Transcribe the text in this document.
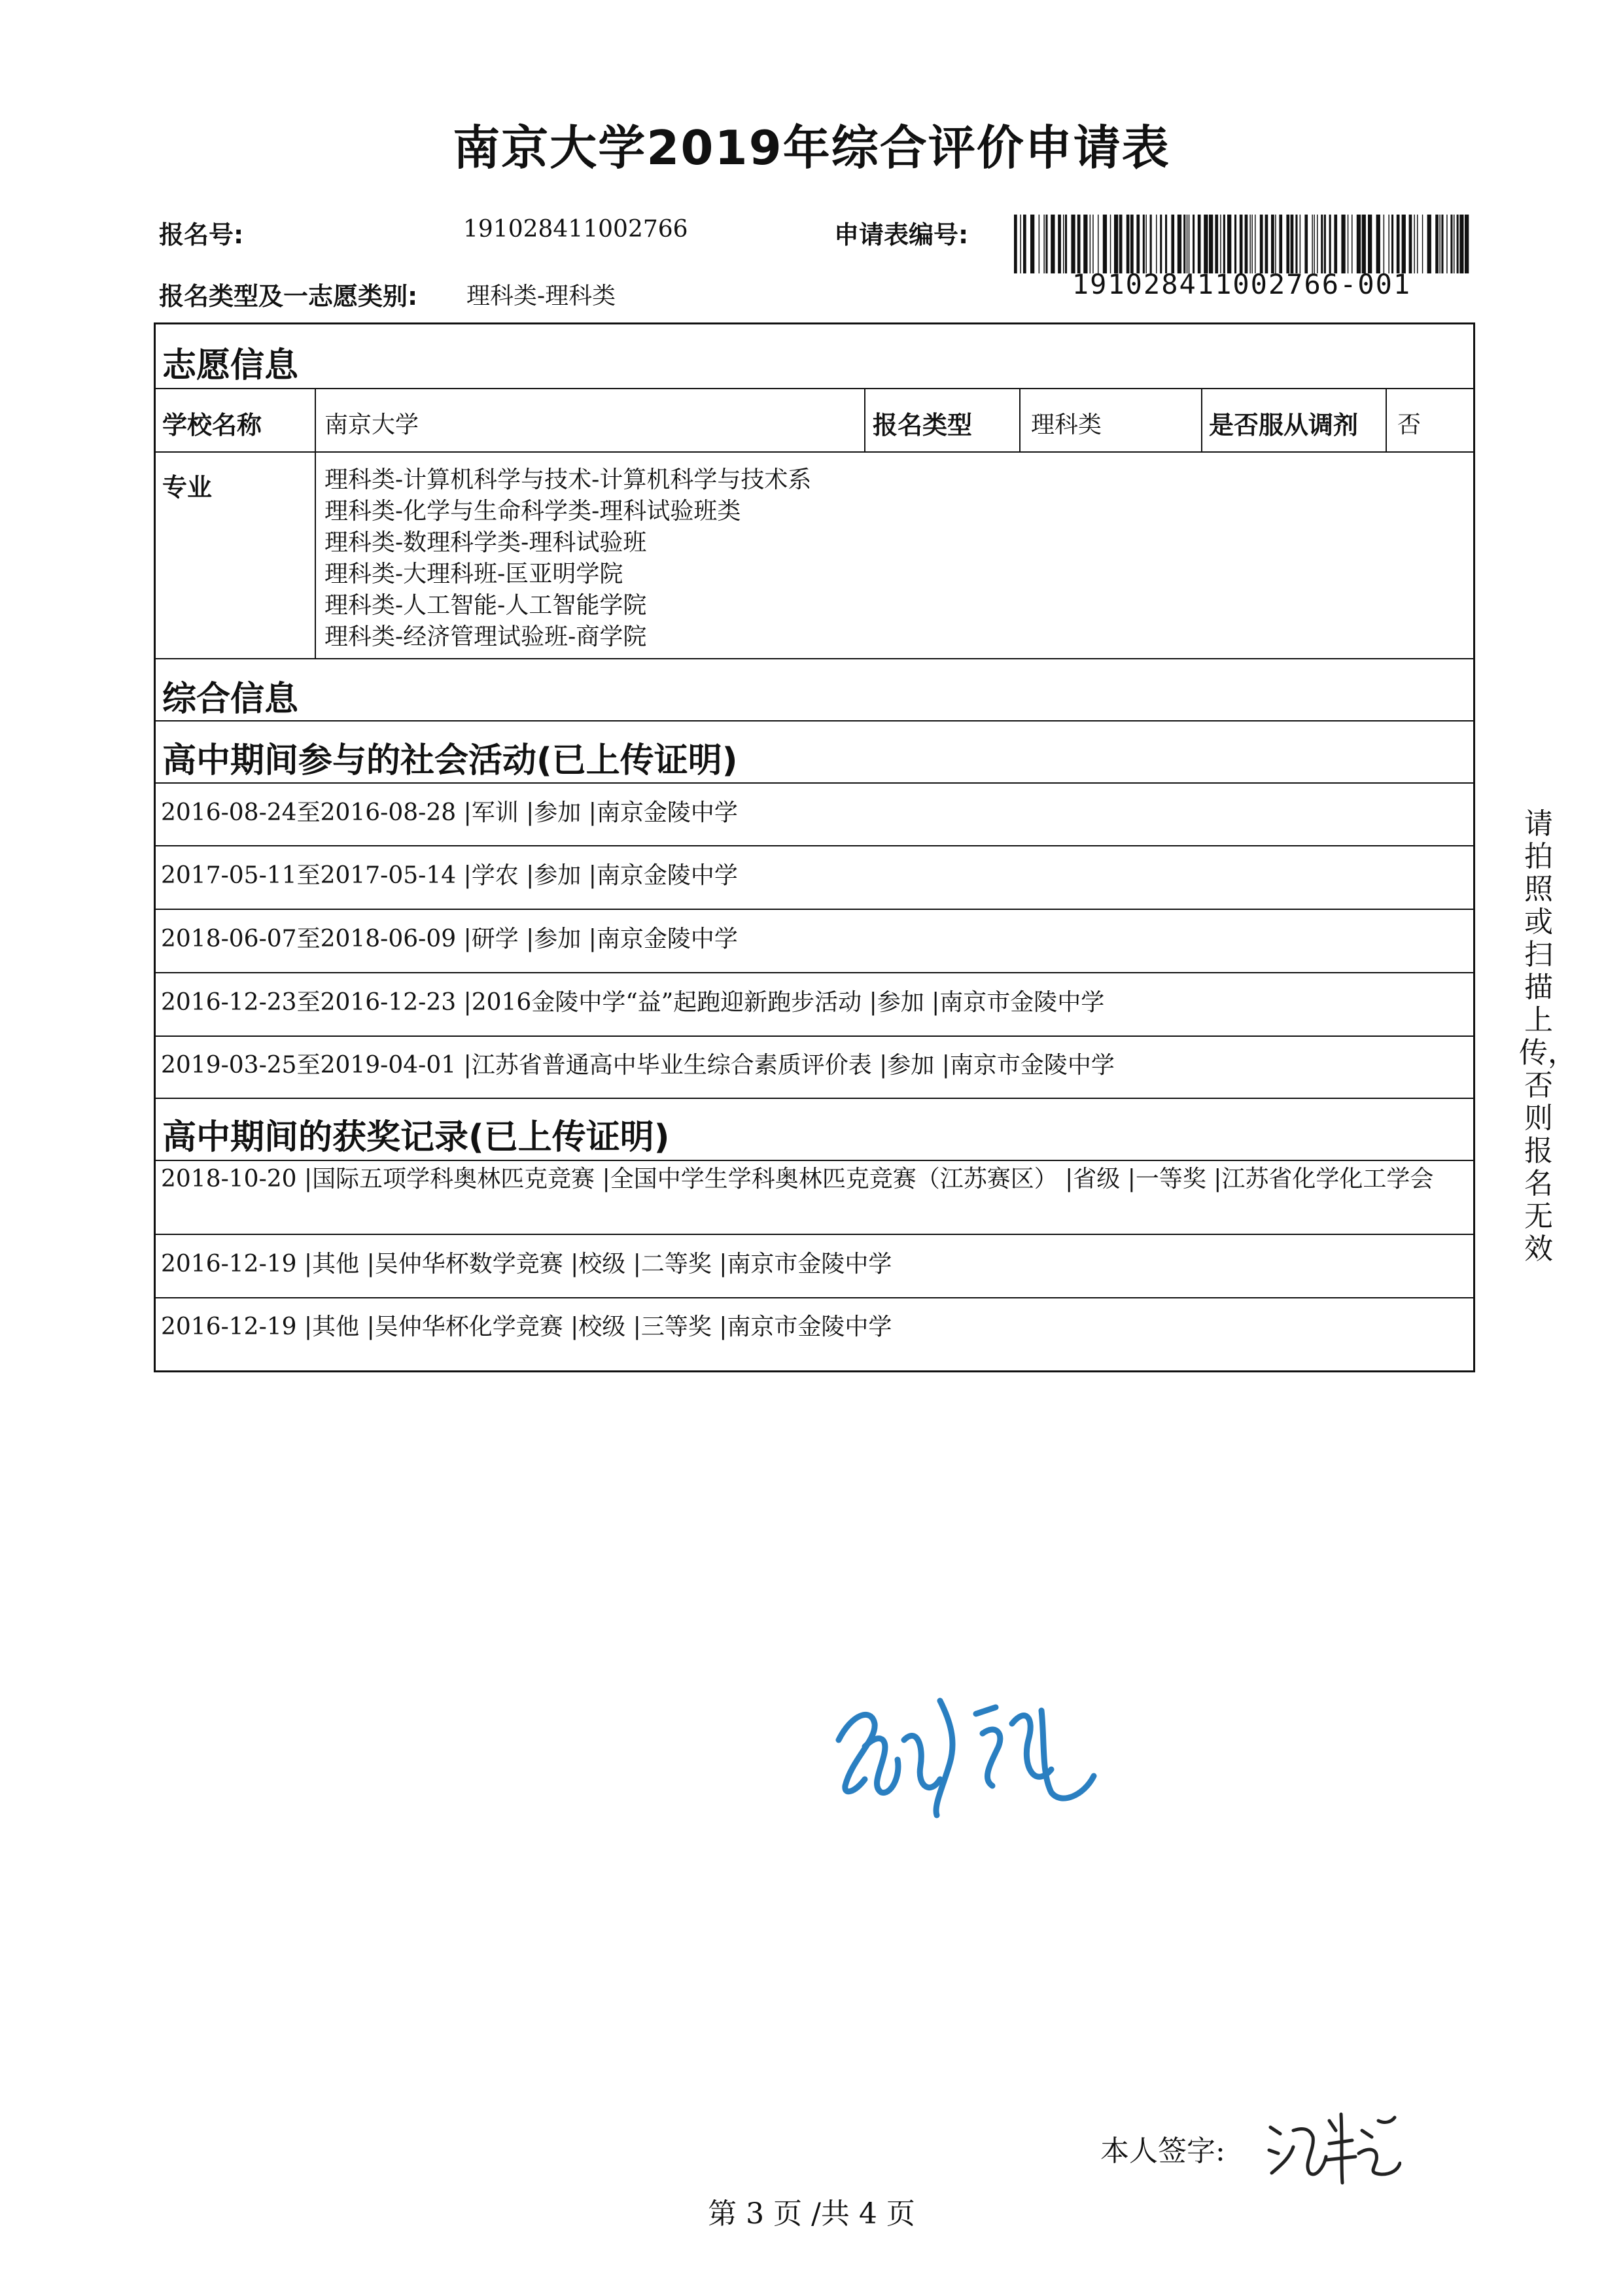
南京大学2019年综合评价申请表
报名号:	191028411002766	申请表编号:
191028411002766-001
报名类型及一志愿类别: 理科类-理科类
志愿信息
学校名称	南京大学	报名类型 理科类	是否服从调剂 否
专业	理科类-计算机科学与技术-计算机科学与技术系
理科类-化学与生命科学类-理科试验班类
理科类-数理科学类-理科试验班
理科类-大理科班-匡亚明学院
理科类-人工智能-人工智能学院
理科类-经济管理试验班-商学院
综合信息
高中期间参与的社会活动(已上传证明)
2016-08-24至2016-08-28 |军训 |参加 |南京金陵中学
2017-05-11至2017-05-14 |学农 |参加 |南京金陵中学
2018-06-07至2018-06-09 |研学 |参加 |南京金陵中学
2016-12-23至2016-12-23 |2016金陵中学“益”起跑迎新跑步活动 |参加 |南京市金陵中学
2019-03-25至2019-04-01 |江苏省普通高中毕业生综合素质评价表 |参加 |南京市金陵中学
高中期间的获奖记录(已上传证明)
2018-10-20 |国际五项学科奥林匹克竞赛 |全国中学生学科奥林匹克竞赛（江苏赛区） |省级 |一等奖 |江苏省化学化工学会
2016-12-19 |其他 |吴仲华杯数学竞赛 |校级 |二等奖 |南京市金陵中学
2016-12-19 |其他 |吴仲华杯化学竞赛 |校级 |三等奖 |南京市金陵中学
请拍照或扫描上传，否则报名无效
本人签字:
第 3 页 /共 4 页
